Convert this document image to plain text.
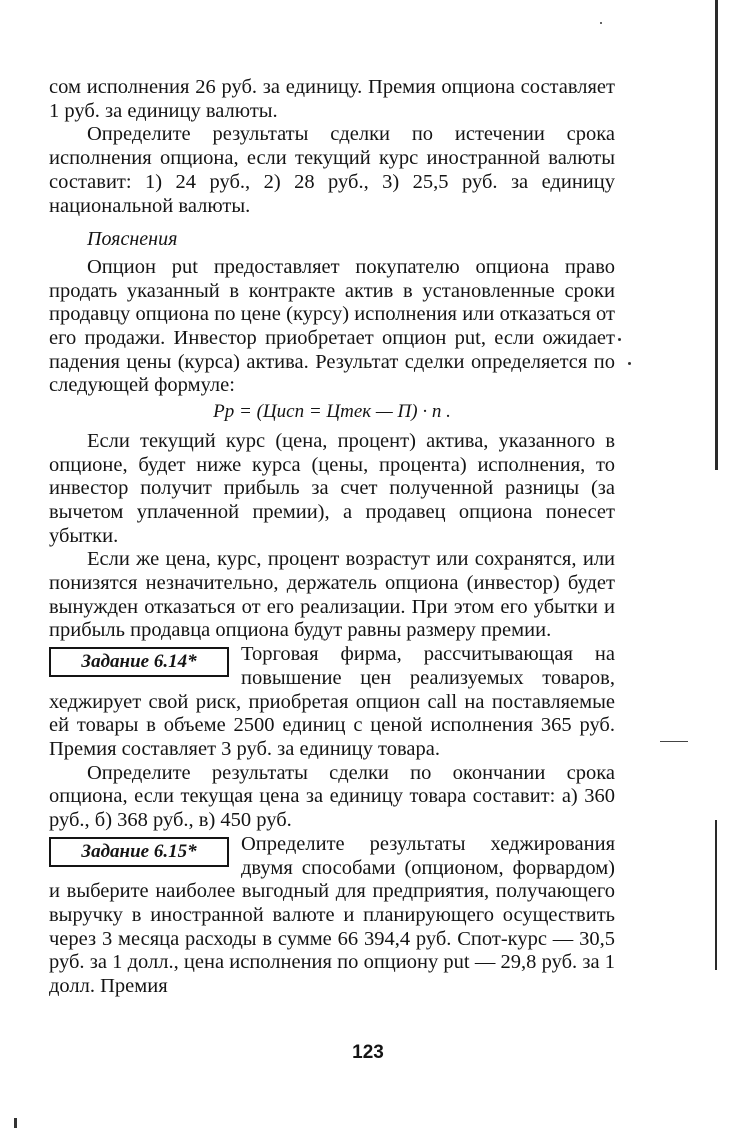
сом исполнения 26 руб. за единицу. Премия опциона составляет 1 руб. за единицу валюты.

Определите результаты сделки по истечении срока исполнения опциона, если текущий курс иностранной валюты составит: 1) 24 руб., 2) 28 руб., 3) 25,5 руб. за единицу национальной валюты.

Пояснения

Опцион put предоставляет покупателю опциона право продать указанный в контракте актив в установленные сроки продавцу опциона по цене (курсу) исполнения или отказаться от его продажи. Инвестор приобретает опцион put, если ожидает падения цены (курса) актива. Результат сделки определяется по следующей формуле:

Pр = (Цисп = Цтек — П) · n .

Если текущий курс (цена, процент) актива, указанного в опционе, будет ниже курса (цены, процента) исполнения, то инвестор получит прибыль за счет полученной разницы (за вычетом уплаченной премии), а продавец опциона понесет убытки.

Если же цена, курс, процент возрастут или сохранятся, или понизятся незначительно, держатель опциона (инвестор) будет вынужден отказаться от его реализации. При этом его убытки и прибыль продавца опциона будут равны размеру премии.

Задание 6.14*	Торговая фирма, рассчитывающая на повышение цен реализуемых товаров, хеджирует свой риск, приобретая опцион call на поставляемые ей товары в объеме 2500 единиц с ценой исполнения 365 руб. Премия составляет 3 руб. за единицу товара.

Определите результаты сделки по окончании срока опциона, если текущая цена за единицу товара составит: а) 360 руб., б) 368 руб., в) 450 руб.

Задание 6.15*	Определите результаты хеджирования двумя способами (опционом, форвардом) и выберите наиболее выгодный для предприятия, получающего выручку в иностранной валюте и планирующего осуществить через 3 месяца расходы в сумме 66 394,4 руб. Спот-курс — 30,5 руб. за 1 долл., цена исполнения по опциону put — 29,8 руб. за 1 долл. Премия

123
